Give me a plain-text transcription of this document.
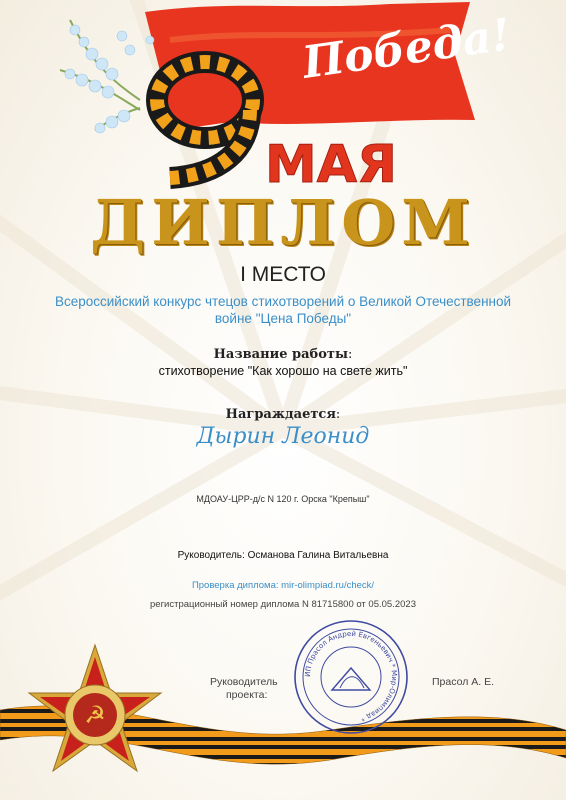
Победа!
МАЯ
ДИПЛОМ
I МЕСТО
Всероссийский конкурс чтецов стихотворений о Великой Отечественной войне "Цена Победы"
Название работы:
стихотворение "Как хорошо на свете жить"
Награждается:
Дырин Леонид
МДОАУ-ЦРР-д/с N 120 г. Орска "Крепыш"
Руководитель: Османова Галина Витальевна
Проверка диплома: mir-olimpiad.ru/check/
регистрационный номер диплома N 81715800 от 05.05.2023
☭
ИП Прасол Андрей Евгеньевич * Мир-Олимпиад *
Руководитель
проекта:
Прасол А. Е.
